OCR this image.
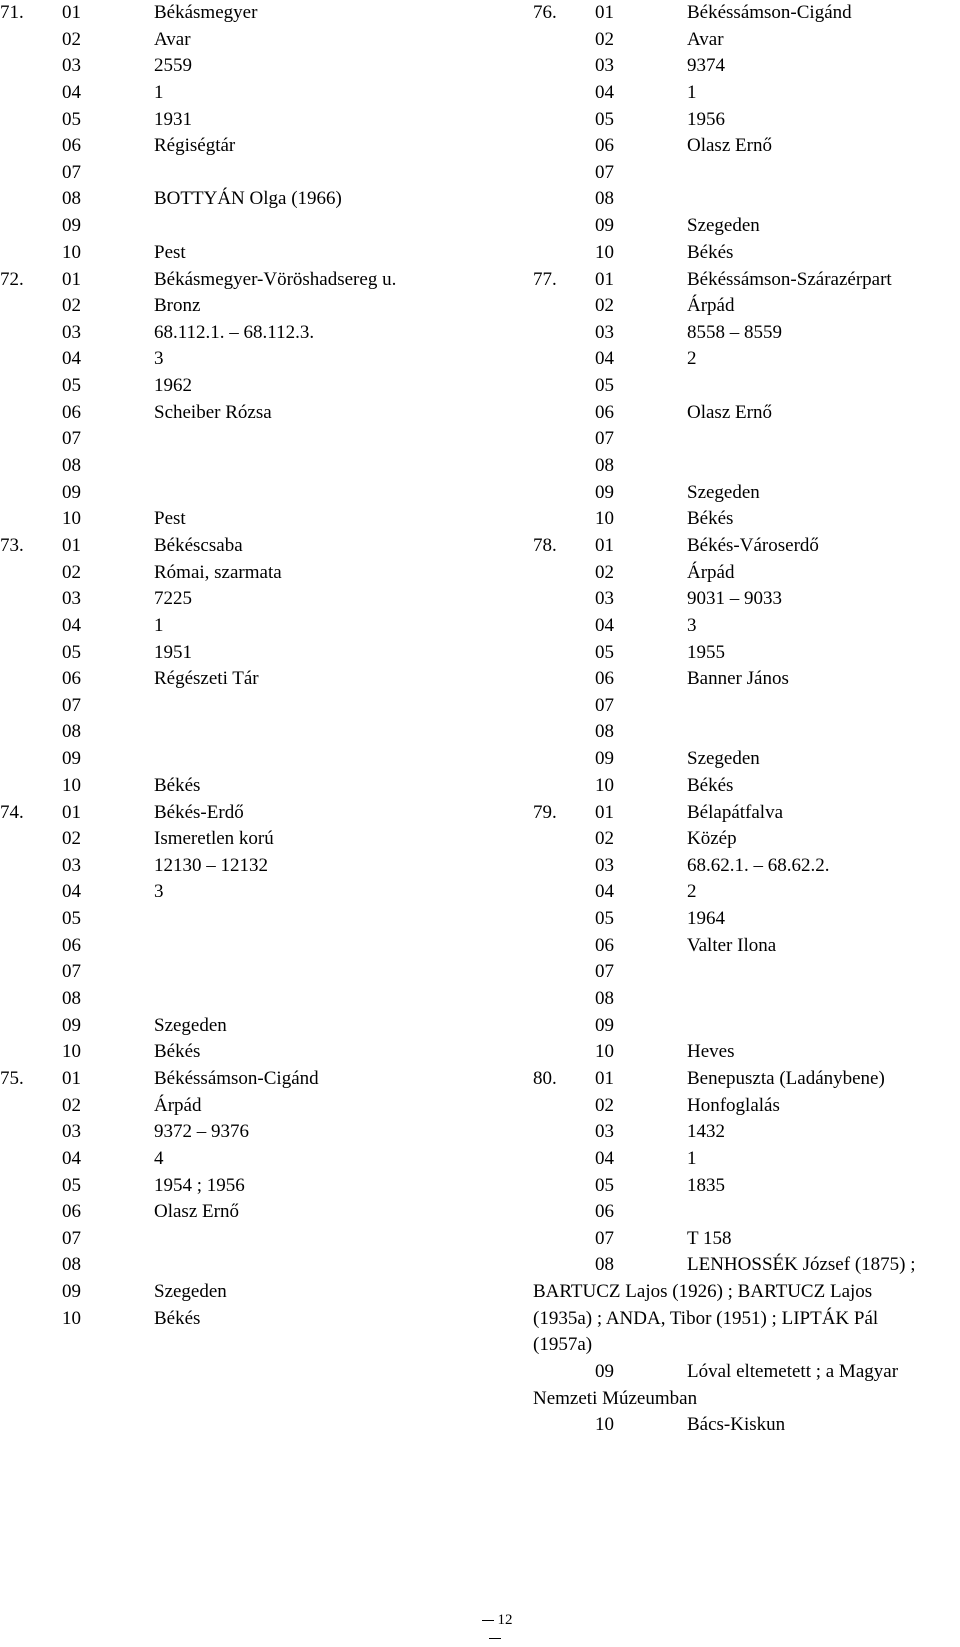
71. 01	Békásmegyer
02	Avar
03	2559
04	1
05	1931
06	Régiségtár
07
08	BOTTYÁN Olga (1966)
09
10	Pest
72. 01	Békásmegyer-Vöröshadsereg u.
02	Bronz
03	68.112.1. – 68.112.3.
04	3
05	1962
06	Scheiber Rózsa
07
08
09
10	Pest
73. 01	Békéscsaba
02	Római, szarmata
03	7225
04	1
05	1951
06	Régészeti Tár
07
08
09
10	Békés
74. 01	Békés-Erdő
02	Ismeretlen korú
03	12130 – 12132
04	3
05
06
07
08
09	Szegeden
10	Békés
75. 01	Békéssámson-Cigánd
02	Árpád
03	9372 – 9376
04	4
05	1954 ; 1956
06	Olasz Ernő
07
08
09	Szegeden
10	Békés
76. 01	Békéssámson-Cigánd
02	Avar
03	9374
04	1
05	1956
06	Olasz Ernő
07
08
09	Szegeden
10	Békés
77. 01	Békéssámson-Szárazérpart
02	Árpád
03	8558 – 8559
04	2
05
06	Olasz Ernő
07
08
09	Szegeden
10	Békés
78. 01	Békés-Városerdő
02	Árpád
03	9031 – 9033
04	3
05	1955
06	Banner János
07
08
09	Szegeden
10	Békés
79. 01	Bélapátfalva
02	Közép
03	68.62.1. – 68.62.2.
04	2
05	1964
06	Valter Ilona
07
08
09
10	Heves
80. 01	Benepuszta (Ladánybene)
02	Honfoglalás
03	1432
04	1
05	1835
06
07	T 158
08	LENHOSSÉK József (1875) ;
BARTUCZ Lajos (1926) ; BARTUCZ Lajos
(1935a) ; ANDA, Tibor (1951) ; LIPTÁK Pál
(1957a)
09	Lóval eltemetett ; a Magyar
Nemzeti Múzeumban
10	Bács-Kiskun
12
